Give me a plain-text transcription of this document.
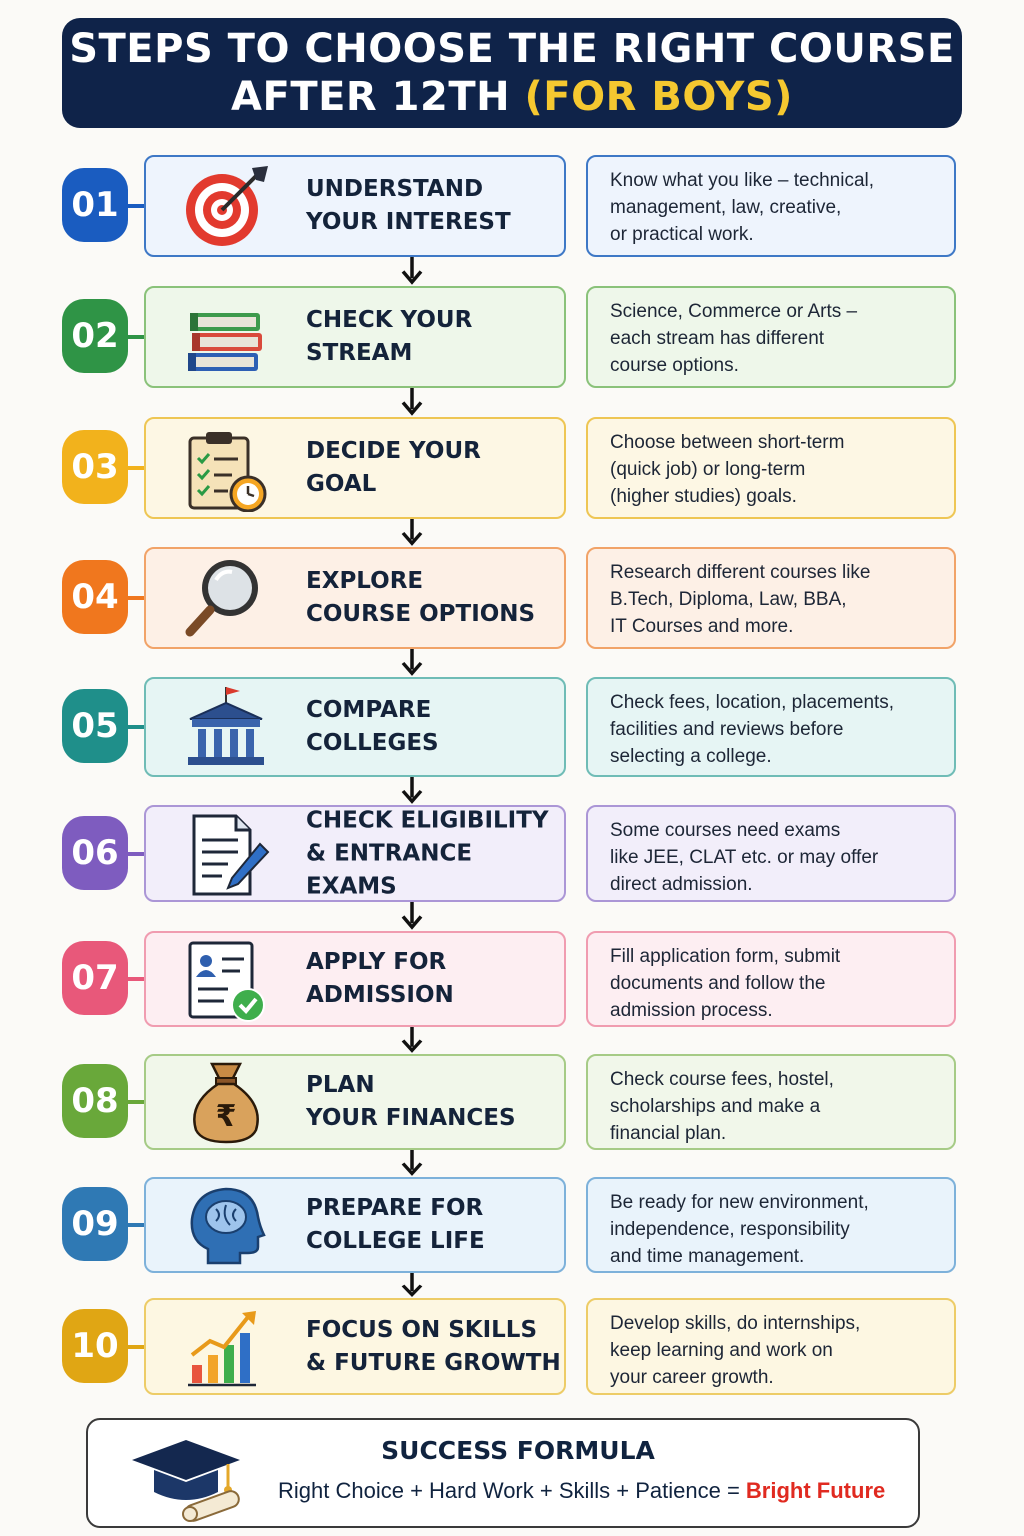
STEPS TO CHOOSE THE RIGHT COURSE
AFTER 12TH (FOR BOYS)
01	UNDERSTAND
YOUR INTEREST
Know what you like – technical,
management, law, creative,
or practical work.
02	CHECK YOUR
STREAM
Science, Commerce or Arts –
each stream has different
course options.
03	DECIDE YOUR
GOAL
Choose between short-term
(quick job) or long-term
(higher studies) goals.
04	EXPLORE
COURSE OPTIONS
Research different courses like
B.Tech, Diploma, Law, BBA,
IT Courses and more.
05	COMPARE
COLLEGES
Check fees, location, placements,
facilities and reviews before
selecting a college.
06
CHECK ELIGIBILITY
& ENTRANCE EXAMS
Some courses need exams
like JEE, CLAT etc. or may offer
direct admission.
07	APPLY FOR
ADMISSION
Fill application form, submit
documents and follow the
admission process.
08	₹
PLAN
YOUR FINANCES
Check course fees, hostel,
scholarships and make a
financial plan.
09	PREPARE FOR
COLLEGE LIFE
Be ready for new environment,
independence, responsibility
and time management.
10	FOCUS ON SKILLS
& FUTURE GROWTH
Develop skills, do internships,
keep learning and work on
your career growth.
SUCCESS FORMULA
Right Choice + Hard Work + Skills + Patience = Bright Future
